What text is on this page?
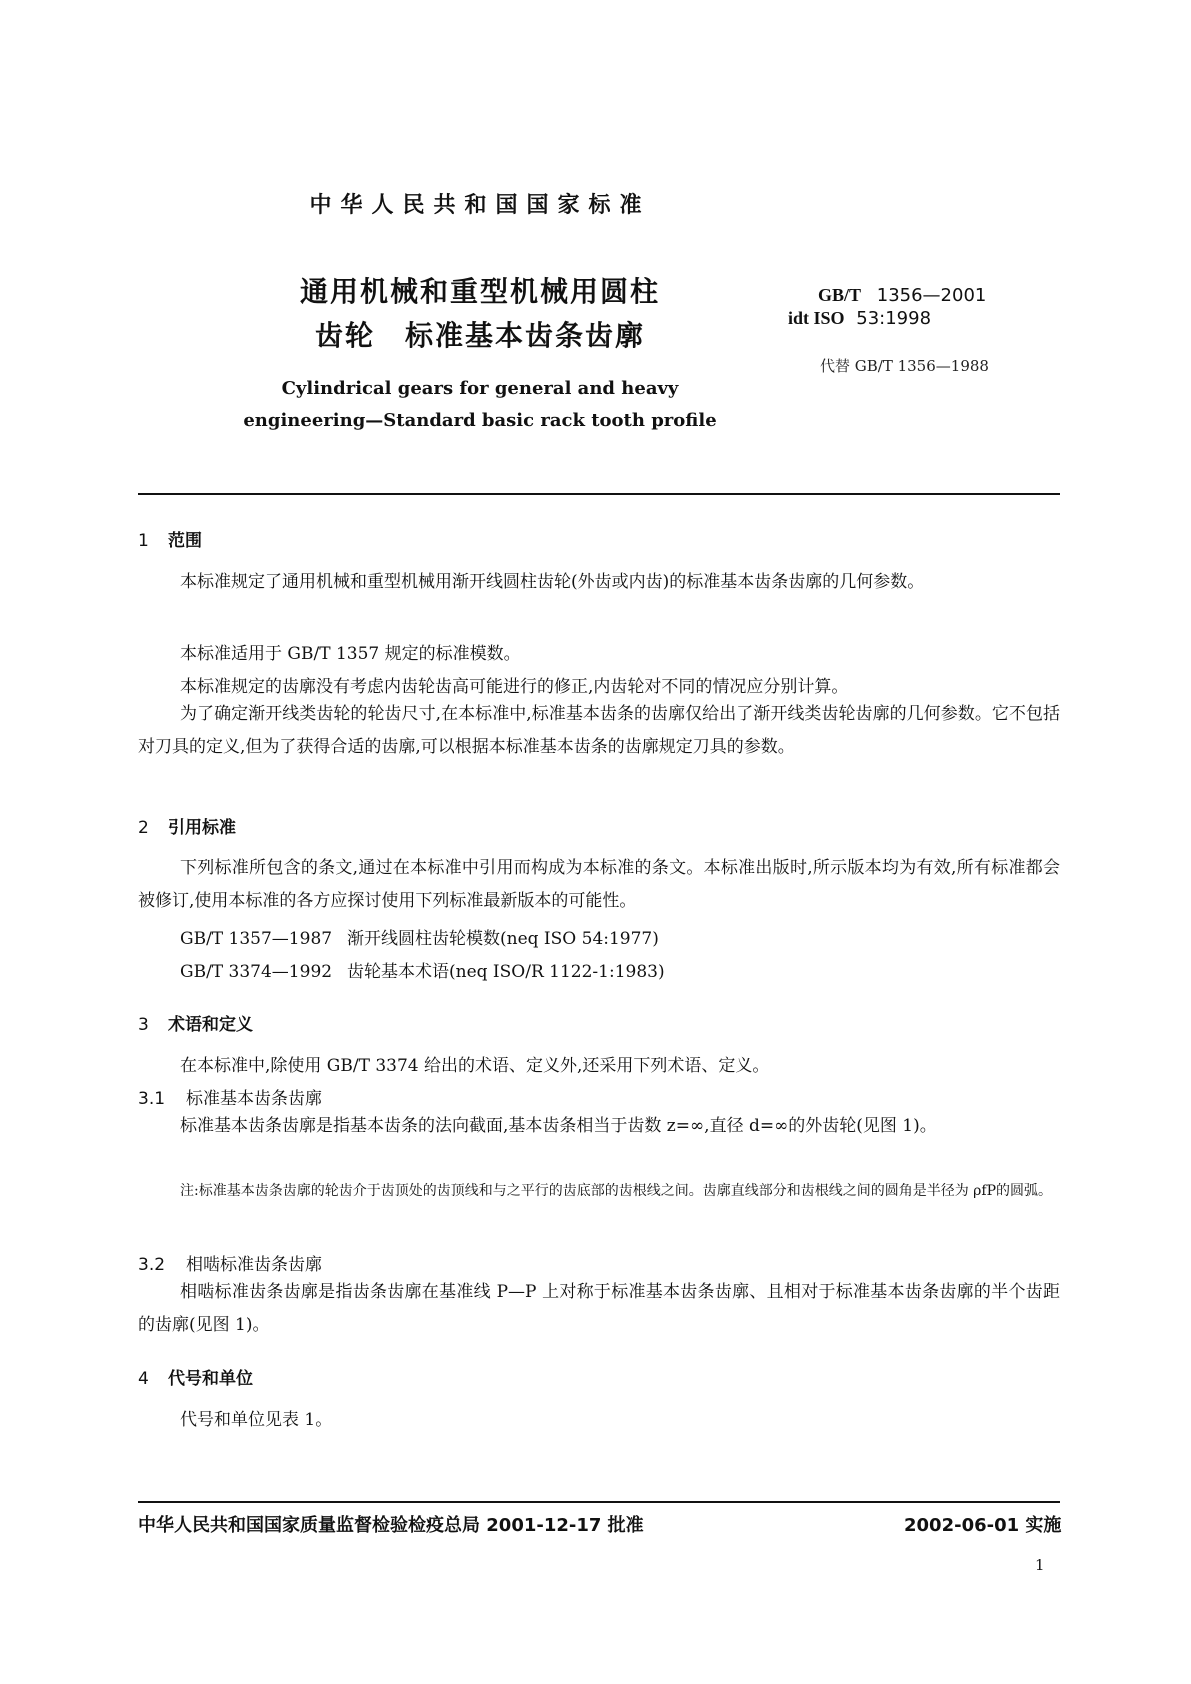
中华人民共和国国家标准
通用机械和重型机械用圆柱
齿轮　标准基本齿条齿廓
Cylindrical gears for general and heavy
engineering—Standard basic rack tooth profile
GB/T 1356—2001
idt ISO 53:1998
代替 GB/T 1356—1988
1 范围
本标准规定了通用机械和重型机械用渐开线圆柱齿轮(外齿或内齿)的标准基本齿条齿廓的几何参数。
本标准适用于 GB/T 1357 规定的标准模数。
本标准规定的齿廓没有考虑内齿轮齿高可能进行的修正,内齿轮对不同的情况应分别计算。
为了确定渐开线类齿轮的轮齿尺寸,在本标准中,标准基本齿条的齿廓仅给出了渐开线类齿轮齿廓的几何参数。它不包括对刀具的定义,但为了获得合适的齿廓,可以根据本标准基本齿条的齿廓规定刀具的参数。
2 引用标准
下列标准所包含的条文,通过在本标准中引用而构成为本标准的条文。本标准出版时,所示版本均为有效,所有标准都会被修订,使用本标准的各方应探讨使用下列标准最新版本的可能性。
GB/T 1357—1987 渐开线圆柱齿轮模数(neq ISO 54:1977)
GB/T 3374—1992 齿轮基本术语(neq ISO/R 1122-1:1983)
3 术语和定义
在本标准中,除使用 GB/T 3374 给出的术语、定义外,还采用下列术语、定义。
3.1 标准基本齿条齿廓
标准基本齿条齿廓是指基本齿条的法向截面,基本齿条相当于齿数 z=∞,直径 d=∞的外齿轮(见图 1)。
注:标准基本齿条齿廓的轮齿介于齿顶处的齿顶线和与之平行的齿底部的齿根线之间。齿廓直线部分和齿根线之间的圆角是半径为 ρfP的圆弧。
3.2 相啮标准齿条齿廓
相啮标准齿条齿廓是指齿条齿廓在基准线 P—P 上对称于标准基本齿条齿廓、且相对于标准基本齿条齿廓的半个齿距的齿廓(见图 1)。
4 代号和单位
代号和单位见表 1。
中华人民共和国国家质量监督检验检疫总局 2001-12-17 批准	2002-06-01 实施
1
